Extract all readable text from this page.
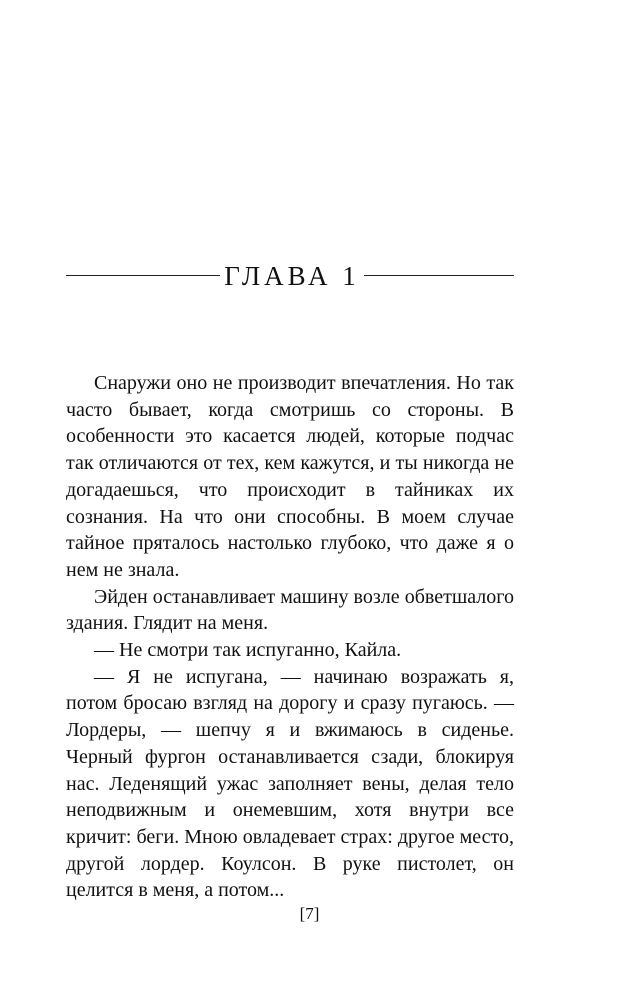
ГЛАВА 1

Снаружи оно не производит впечатления. Но так часто бывает, когда смотришь со стороны. В особенности это касается людей, которые подчас так отличаются от тех, кем кажутся, и ты никогда не догадаешься, что происходит в тайниках их сознания. На что они способны. В моем случае тайное пряталось настолько глубоко, что даже я о нем не знала.

Эйден останавливает машину возле обветшалого здания. Глядит на меня.

— Не смотри так испуганно, Кайла.

— Я не испугана, — начинаю возражать я, потом бросаю взгляд на дорогу и сразу пугаюсь. — Лордеры, — шепчу я и вжимаюсь в сиденье. Черный фургон останавливается сзади, блокируя нас. Леденящий ужас заполняет вены, делая тело неподвижным и онемевшим, хотя внутри все кричит: беги. Мною овладевает страх: другое место, другой лордер. Коулсон. В руке пистолет, он целится в меня, а потом...

[7]
